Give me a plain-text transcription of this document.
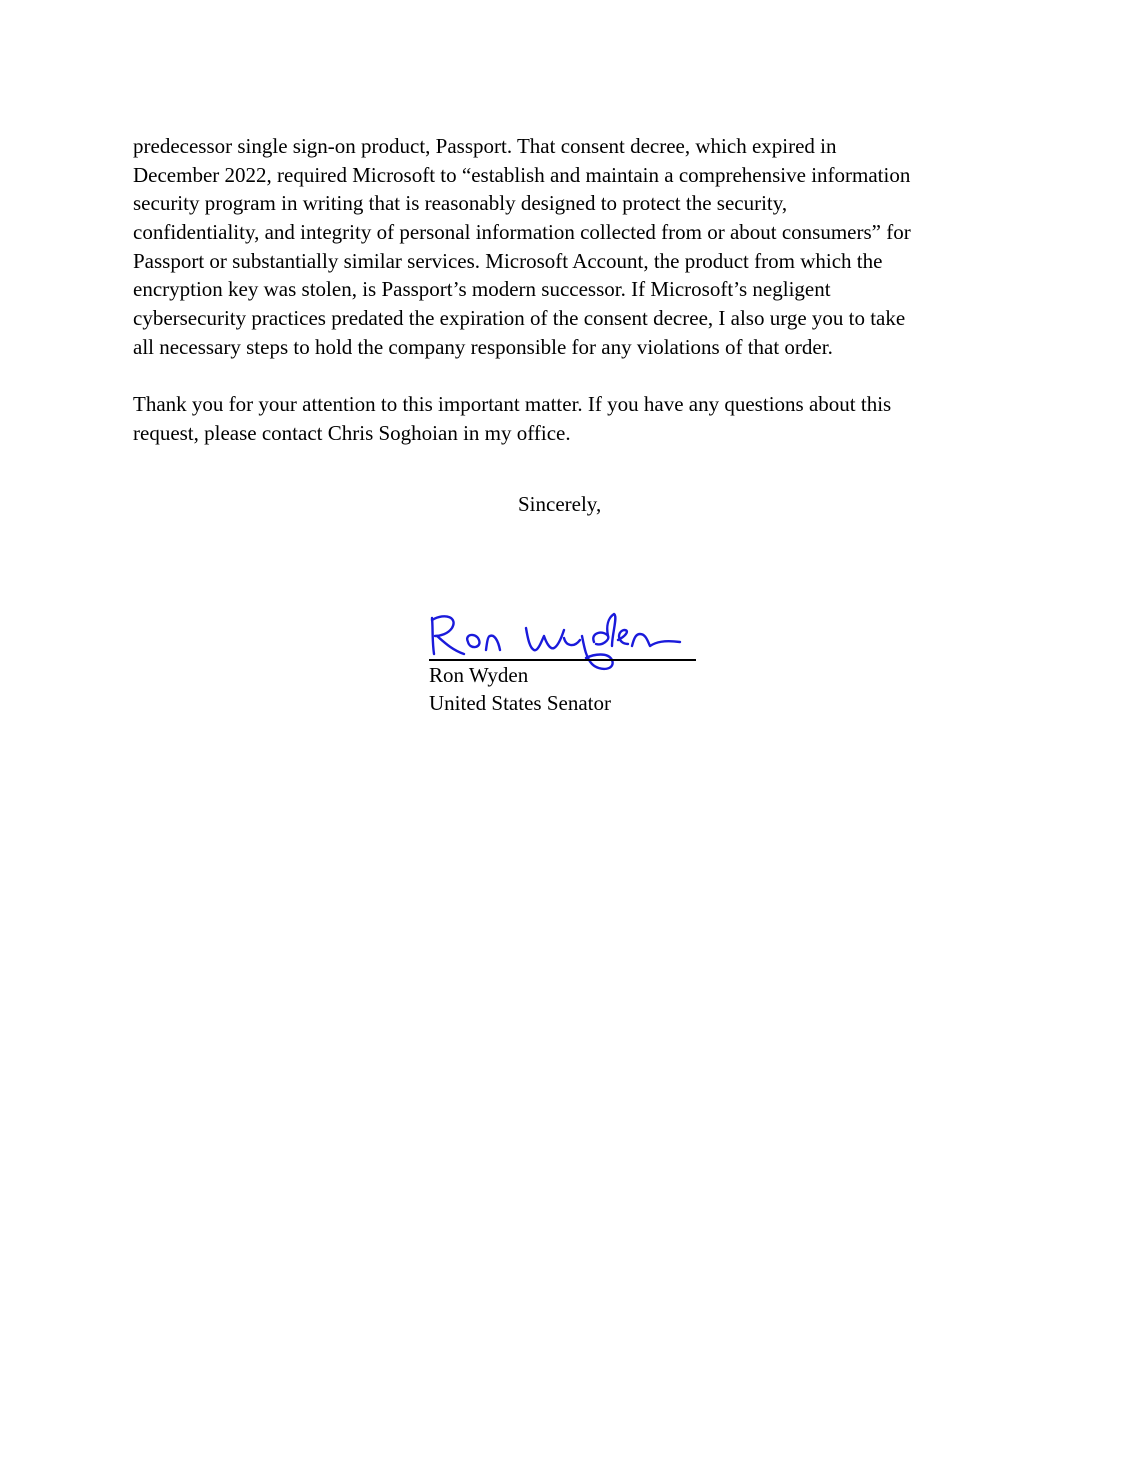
predecessor single sign-on product, Passport. That consent decree, which expired in
December 2022, required Microsoft to “establish and maintain a comprehensive information
security program in writing that is reasonably designed to protect the security,
confidentiality, and integrity of personal information collected from or about consumers” for
Passport or substantially similar services. Microsoft Account, the product from which the
encryption key was stolen, is Passport’s modern successor. If Microsoft’s negligent
cybersecurity practices predated the expiration of the consent decree, I also urge you to take
all necessary steps to hold the company responsible for any violations of that order.
Thank you for your attention to this important matter. If you have any questions about this
request, please contact Chris Soghoian in my office.
Sincerely,
Ron Wyden
United States Senator
